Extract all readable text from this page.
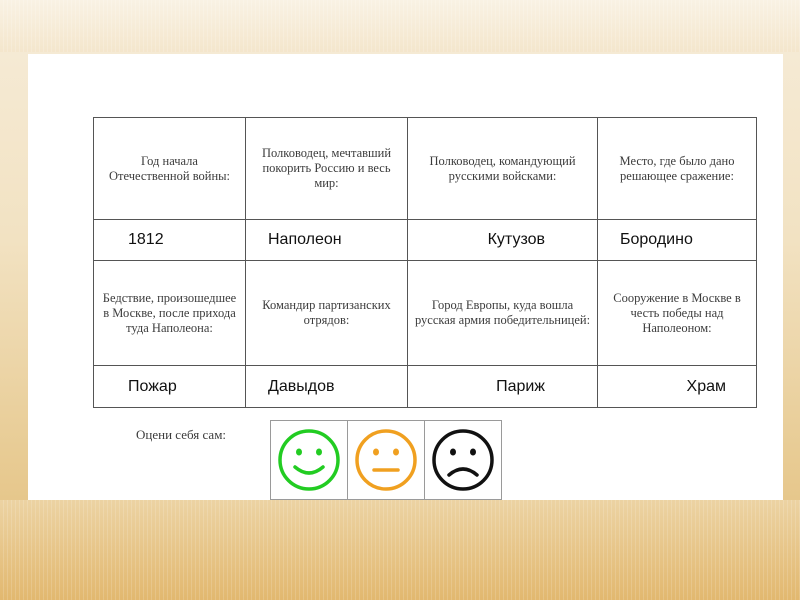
Год начала Отечественной войны:	Полководец, мечтавший покорить Россию и весь мир:	Полководец, командующий русскими войсками:	Место, где было дано решающее сражение:

1812	Наполеон	Кутузов	Бородино

Бедствие, произошедшее в Москве, после прихода туда Наполеона:	Командир партизанских отрядов:	Город Европы, куда вошла русская армия победительницей:	Сооружение в Москве в честь победы над Наполеоном:

Пожар	Давыдов	Париж	Храм
Оцени себя сам:
